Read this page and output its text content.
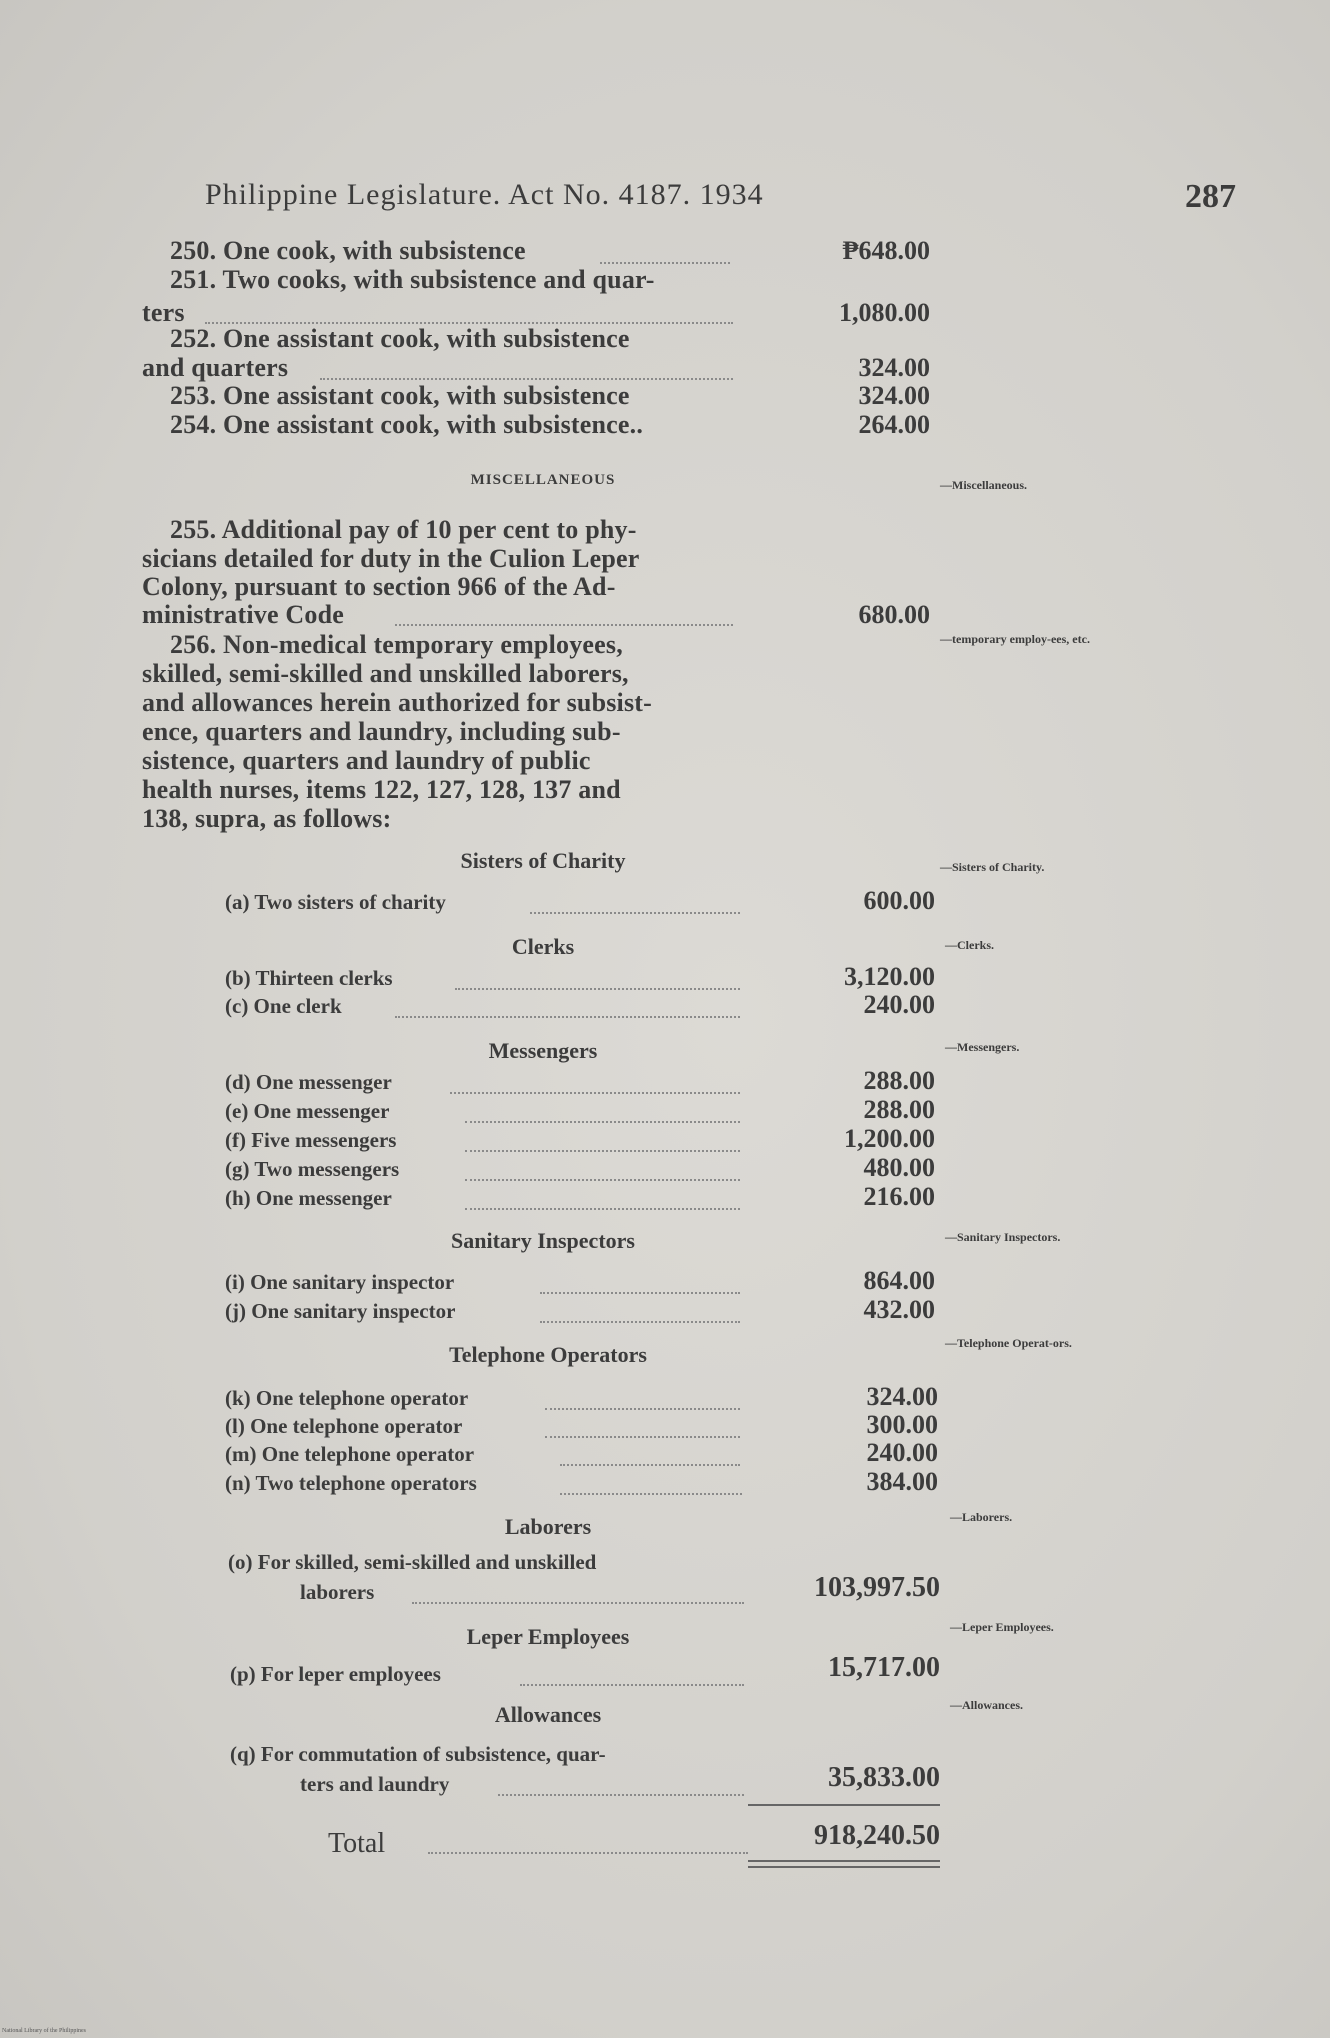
Philippine Legislature. Act No. 4187. 1934	287
250. One cook, with subsistence	₱648.00
251. Two cooks, with subsistence and quar-
ters	1,080.00
252. One assistant cook, with subsistence
and quarters	324.00
253. One assistant cook, with subsistence	324.00
254. One assistant cook, with subsistence..	264.00
MISCELLANEOUS	—Miscellaneous.
255. Additional pay of 10 per cent to phy-
sicians detailed for duty in the Culion Leper
Colony, pursuant to section 966 of the Ad-
ministrative Code	680.00
256. Non-medical temporary employees,
skilled, semi-skilled and unskilled laborers,
and allowances herein authorized for subsist-
ence, quarters and laundry, including sub-
sistence, quarters and laundry of public
health nurses, items 122, 127, 128, 137 and
138, supra, as follows:
—temporary employ-ees, etc.
Sisters of Charity	—Sisters of Charity.
(a) Two sisters of charity	600.00
Clerks	—Clerks.
(b) Thirteen clerks	3,120.00
(c) One clerk	240.00
Messengers	—Messengers.
(d) One messenger	288.00
(e) One messenger	288.00
(f) Five messengers	1,200.00
(g) Two messengers	480.00
(h) One messenger	216.00
Sanitary Inspectors	—Sanitary Inspectors.
(i) One sanitary inspector	864.00
(j) One sanitary inspector	432.00
Telephone Operators	—Telephone Operat-ors.
(k) One telephone operator	324.00
(l) One telephone operator	300.00
(m) One telephone operator	240.00
(n) Two telephone operators	384.00
Laborers	—Laborers.
(o) For skilled, semi-skilled and unskilled
laborers	103,997.50
Leper Employees	—Leper Employees.
(p) For leper employees	15,717.00
Allowances	—Allowances.
(q) For commutation of subsistence, quar-
ters and laundry	35,833.00
Total	918,240.50
National Library of the Philippines
